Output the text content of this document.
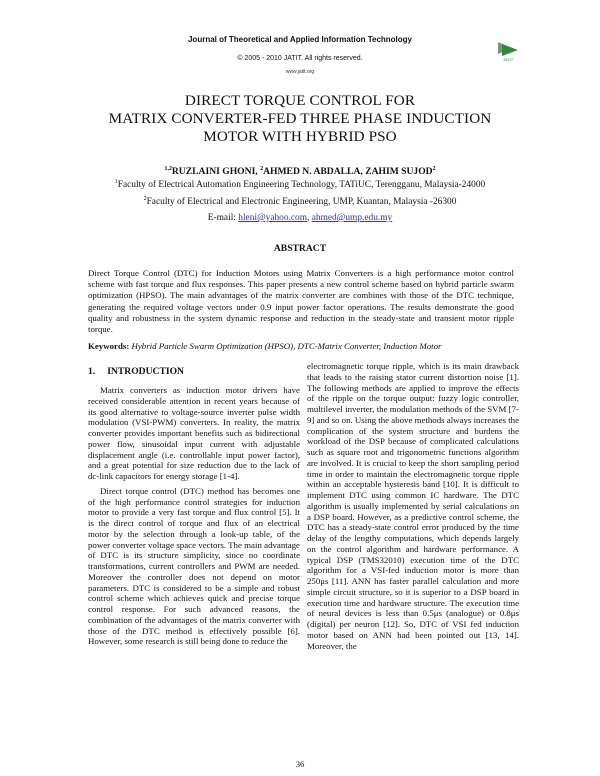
Journal of Theoretical and Applied Information Technology
JATIT
© 2005 - 2010 JATIT. All rights reserved.
www.jatit.org
DIRECT TORQUE CONTROL FOR
MATRIX CONVERTER-FED THREE PHASE INDUCTION
MOTOR WITH HYBRID PSO
$^{1,2}$RUZLAINI GHONI, $^2$AHMED N. ABDALLA, ZAHIM SUJOD$^2$
$^1$Faculty of Electrical Automation Engineering Technology, TATiUC, Terengganu, Malaysia-24000
$^2$Faculty of Electrical and Electronic Engineering, UMP, Kuantan, Malaysia -26300
E-mail: hleni@yahoo.com, ahmed@ump.edu.my
ABSTRACT

Direct Torque Control (DTC) for Induction Motors using Matrix Converters is a high performance motor control scheme with fast torque and flux responses. This paper presents a new control scheme based on hybrid particle swarm optimization (HPSO). The main advantages of the matrix converter are combines with those of the DTC technique, generating the required voltage vectors under 0.9 input power factor operations. The results demonstrate the good quality and robustness in the system dynamic response and reduction in the steady-state and transient motor ripple torque.

Keywords: Hybrid Particle Swarm Optimization (HPSO), DTC-Matrix Converter, Induction Motor

1. INTRODUCTION

Matrix converters as induction motor drivers have received considerable attention in recent years because of its good alternative to voltage-source inverter pulse width modulation (VSI-PWM) converters. In reality, the matrix converter provides important benefits such as bidirectional power flow, sinusoidal input current with adjustable displacement angle (i.e. controllable input power factor), and a great potential for size reduction due to the lack of dc-link capacitors for energy storage [1-4].

Direct torque control (DTC) method has becomes one of the high performance control strategies for induction motor to provide a very fast torque and flux control [5]. It is the direct control of torque and flux of an electrical motor by the selection through a look-up table, of the power converter voltage space vectors. The main advantage of DTC is its structure simplicity, since no coordinate transformations, current controllers and PWM are needed. Moreover the controller does not depend on motor parameters. DTC is considered to be a simple and robust control scheme which achieves quick and precise torque control response. For such advanced reasons, the combination of the advantages of the matrix converter with those of the DTC method is effectively possible [6]. However, some research is still being done to reduce the

electromagnetic torque ripple, which is its main drawback that leads to the raising stator current distortion noise [1]. The following methods are applied to improve the effects of the ripple on the torque output: fuzzy logic controller, multilevel inverter, the modulation methods of the SVM [7-9] and so on. Using the above methods always increases the complication of the system structure and burdens the workload of the DSP because of complicated calculations such as square root and trigonometric functions algorithm are involved. It is crucial to keep the short sampling period time in order to maintain the electromagnetic torque ripple within an acceptable hysteresis band [10]. It is difficult to implement DTC using common IC hardware. The DTC algorithm is usually implemented by serial calculations on a DSP board. However, as a predictive control scheme, the DTC has a steady-state control error produced by the time delay of the lengthy computations, which depends largely on the control algorithm and hardware performance. A typical DSP (TMS32010) execution time of the DTC algorithm for a VSI-fed induction motor is more than 250μs [11]. ANN has faster parallel calculation and more simple circuit structure, so it is superior to a DSP board in execution time and hardware structure. The execution time of neural devices is less than 0.5μs (analogue) or 0.8μs (digital) per neuron [12]. So, DTC of VSI fed induction motor based on ANN had been pointed out [13, 14]. Moreover, the

36
